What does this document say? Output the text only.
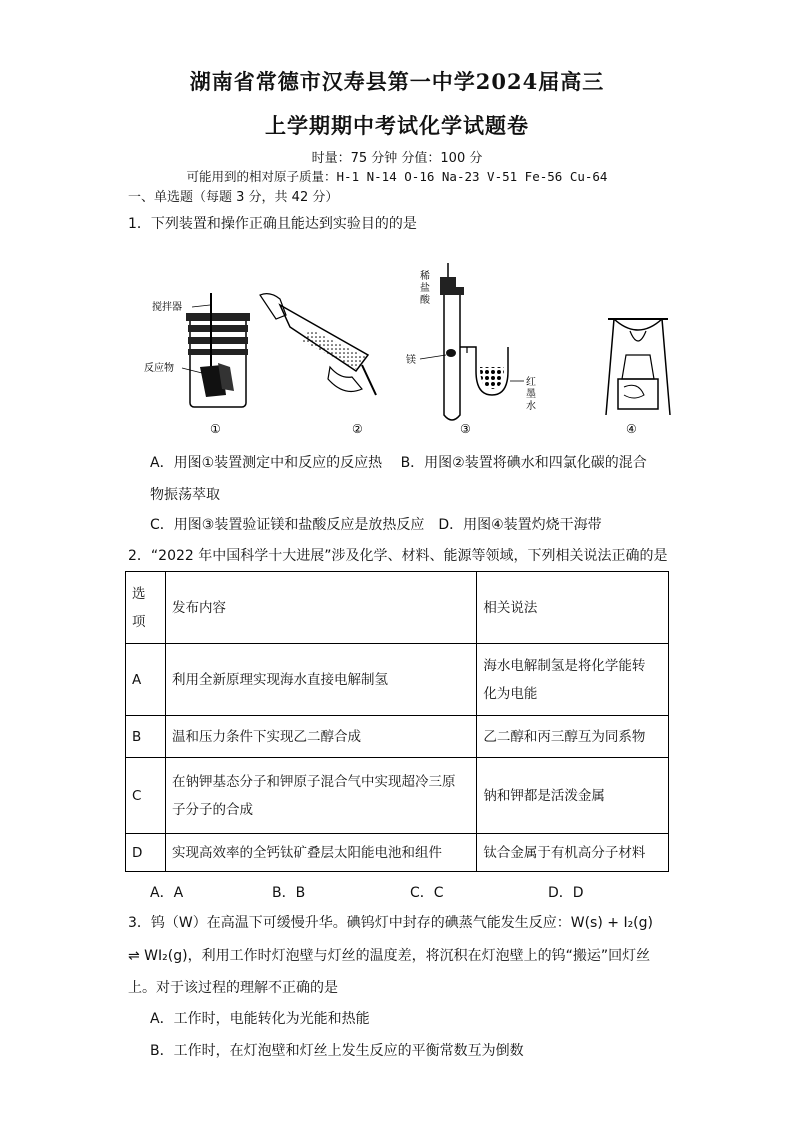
湖南省常德市汉寿县第一中学2024届高三
上学期期中考试化学试题卷
时量：75 分钟 分值：100 分
可能用到的相对原子质量：H-1 N-14 O-16 Na-23 V-51 Fe-56 Cu-64
一、单选题（每题 3 分，共 42 分）
1．下列装置和操作正确且能达到实验目的的是
搅拌器
反应物
①	②
稀
盐
酸
镁
红
墨
水
③	④
A．用图①装置测定中和反应的反应热　 B．用图②装置将碘水和四氯化碳的混合
物振荡萃取
C．用图③装置验证镁和盐酸反应是放热反应　D．用图④装置灼烧干海带
2．“2022 年中国科学十大进展”涉及化学、材料、能源等领域，下列相关说法正确的是
选
项	发布内容	相关说法
A	利用全新原理实现海水直接电解制氢	海水电解制氢是将化学能转
化为电能

B	温和压力条件下实现乙二醇合成	乙二醇和丙三醇互为同系物
C	在钠钾基态分子和钾原子混合气中实现超冷三原
子分子的合成	钠和钾都是活泼金属
D	实现高效率的全钙钛矿叠层太阳能电池和组件	钛合金属于有机高分子材料
A．A	B．B	C．C	D．D
3．钨（W）在高温下可缓慢升华。碘钨灯中封存的碘蒸气能发生反应：W(s) + I₂(g)
⇌ WI₂(g)，利用工作时灯泡壁与灯丝的温度差，将沉积在灯泡壁上的钨“搬运”回灯丝
上。对于该过程的理解不正确的是
A．工作时，电能转化为光能和热能
B．工作时，在灯泡壁和灯丝上发生反应的平衡常数互为倒数
